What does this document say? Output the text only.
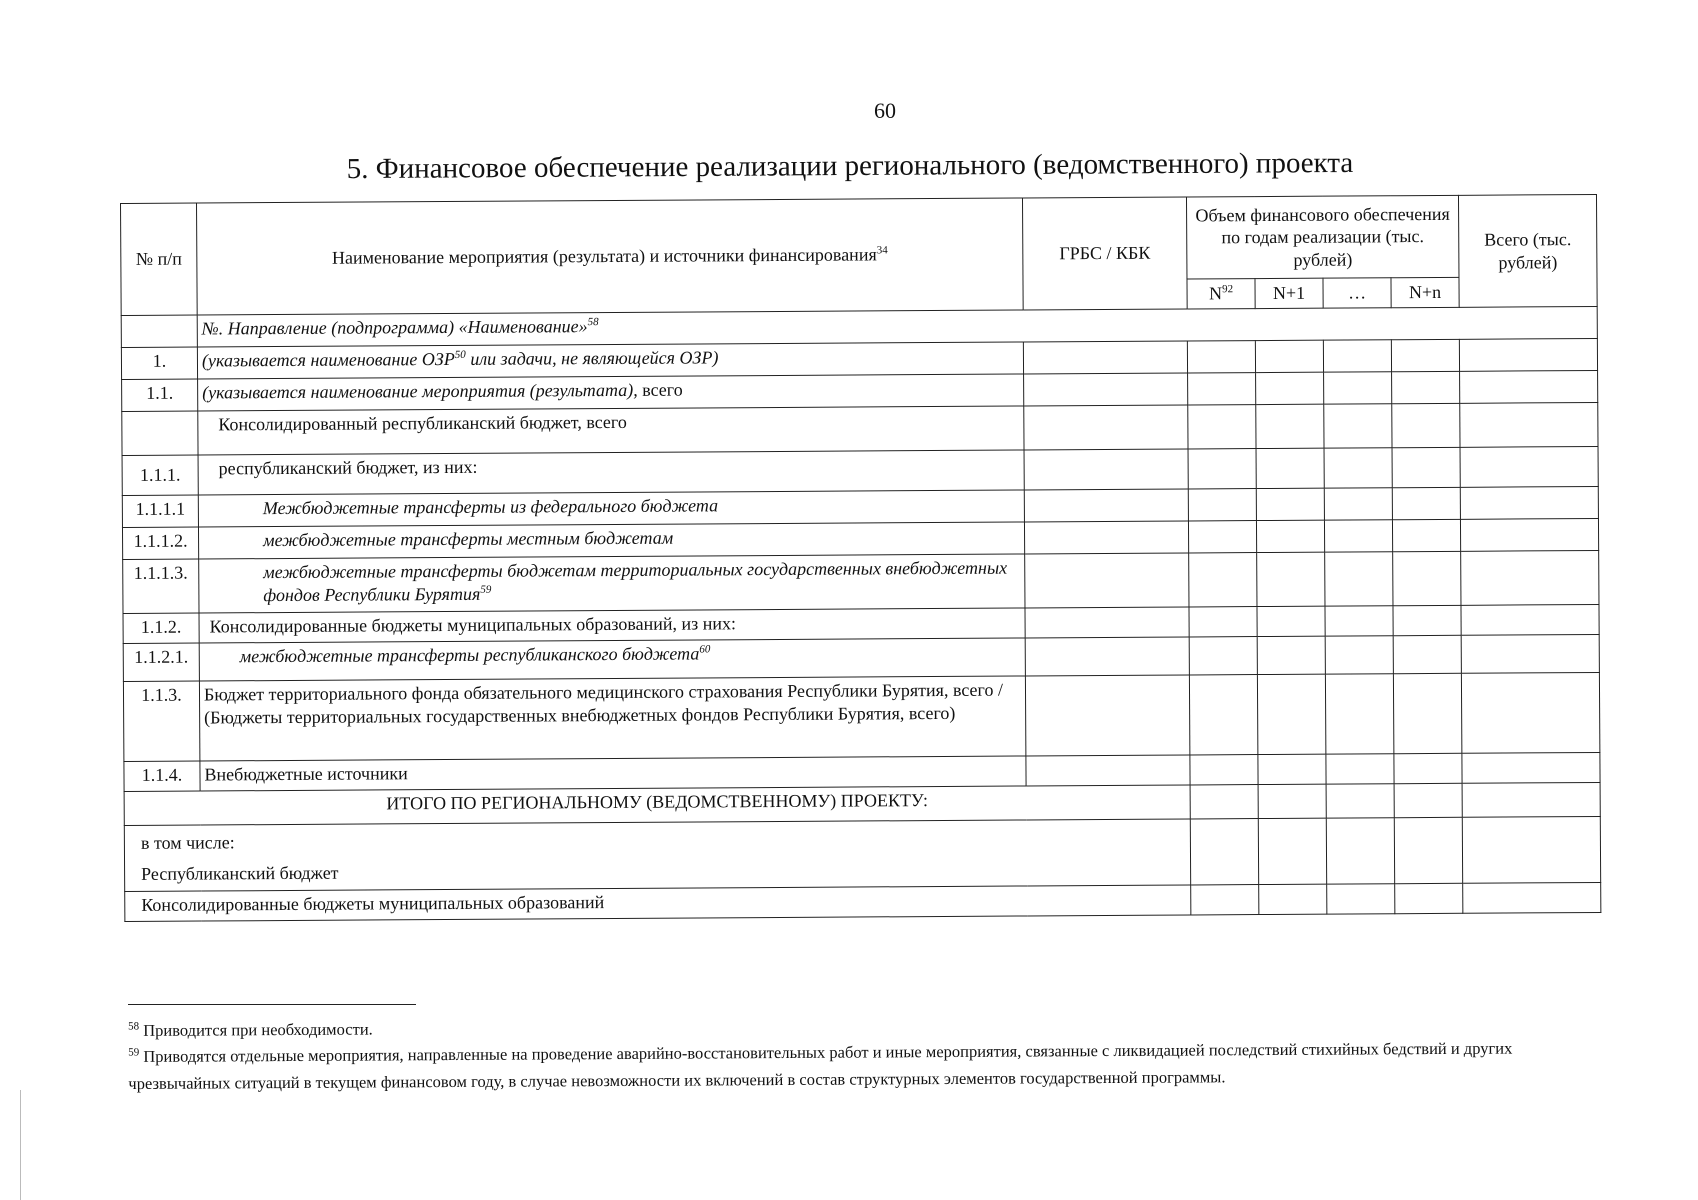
60
5. Финансовое обеспечение реализации регионального (ведомственного) проекта
№ п/п	Наименование мероприятия (результата) и источники финансирования$^{34}$	ГРБС / КБК	Объем финансового обеспечения по годам реализации (тыс. рублей)				Всего (тыс. рублей)
			$N^{92}$	N+1	…	N+n	
	№. Направление (подпрограмма) «Наименование»$^{58}$
1.	(указывается наименование ОЗР$^{50}$ или задачи, не являющейся ОЗР)						
1.1.	(указывается наименование мероприятия (результата), всего						
	Консолидированный республиканский бюджет, всего						
1.1.1.	республиканский бюджет, из них:						
1.1.1.1	Межбюджетные трансферты из федерального бюджета						
1.1.1.2.	межбюджетные трансферты местным бюджетам						
1.1.1.3.	межбюджетные трансферты бюджетам территориальных государственных внебюджетных фондов Республики Бурятия$^{59}$						
1.1.2.	Консолидированные бюджеты муниципальных образований, из них:						
1.1.2.1.	межбюджетные трансферты республиканского бюджета$^{60}$						
1.1.3.	Бюджет территориального фонда обязательного медицинского страхования Республики Бурятия, всего / (Бюджеты территориальных государственных внебюджетных фондов Республики Бурятия, всего)						
1.1.4.	Внебюджетные источники						
ИТОГО ПО РЕГИОНАЛЬНОМУ (ВЕДОМСТВЕННОМУ) ПРОЕКТУ:							

в том числе:
Республиканский бюджет							

Консолидированные бюджеты муниципальных образований							

$^{58}$ Приводится при необходимости.

$^{59}$ Приводятся отдельные мероприятия, направленные на проведение аварийно-восстановительных работ и иные мероприятия, связанные с ликвидацией последствий стихийных бедствий и других чрезвычайных ситуаций в текущем финансовом году, в случае невозможности их включений в состав структурных элементов государственной программы.
